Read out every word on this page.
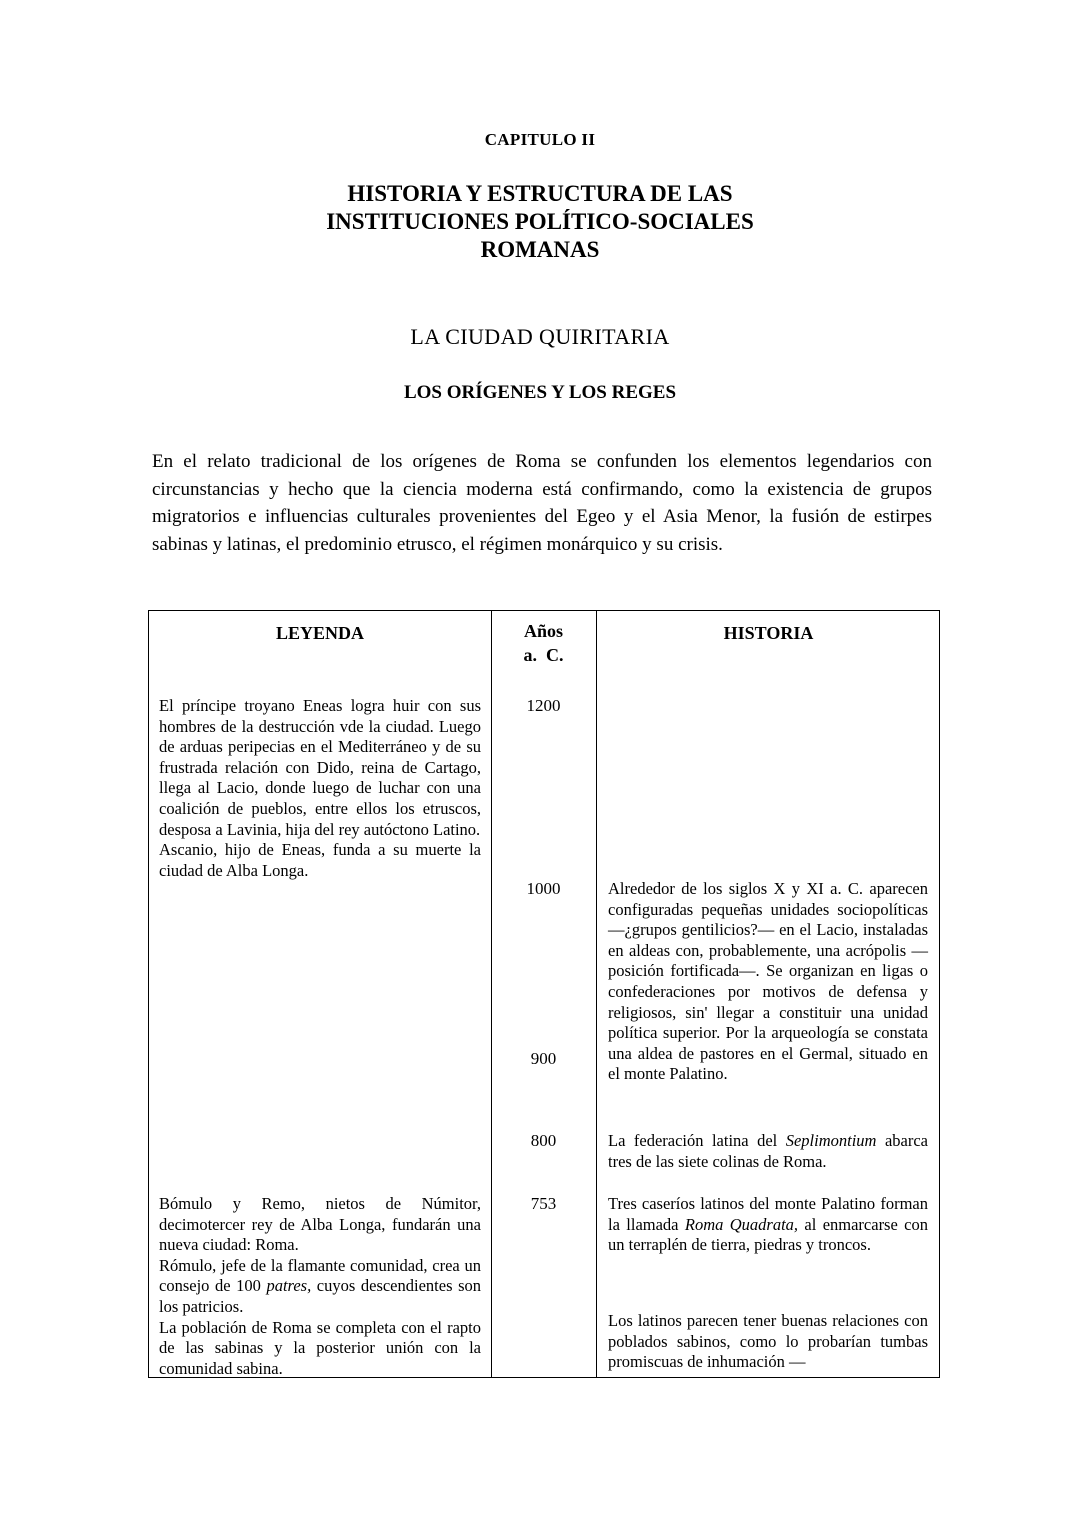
CAPITULO II
HISTORIA Y ESTRUCTURA DE LAS
INSTITUCIONES POLÍTICO-SOCIALES
ROMANAS
LA CIUDAD QUIRITARIA
LOS ORÍGENES Y LOS REGES

En el relato tradicional de los orígenes de Roma se confunden los elementos legendarios con circunstancias y hecho que la ciencia moderna está confirmando, como la existencia de grupos migratorios e influencias culturales provenientes del Egeo y el Asia Menor, la fusión de estirpes sabinas y latinas, el predominio etrusco, el régimen monárquico y su crisis.

LEYENDA	Años
a.  C.
HISTORIA

El príncipe troyano Eneas logra huir con sus hombres de la destrucción vde la ciudad. Luego de arduas peripecias en el Mediterráneo y de su frustrada relación con Dido, reina de Cartago, llega al Lacio, donde luego de luchar con una coalición de pueblos, entre ellos los etruscos, desposa a Lavinia, hija del rey autóctono Latino.

Ascanio, hijo de Eneas, funda a su muerte la ciudad de Alba Longa.

Bómulo y Remo, nietos de Númitor, decimotercer rey de Alba Longa, fundarán una nueva ciudad: Roma.

Rómulo, jefe de la flamante comunidad, crea un consejo de 100 patres, cuyos descendientes son los patricios.

La población de Roma se completa con el rapto de las sabinas y la posterior unión con la comunidad sabina.

1200
1000
900
800
753
Alrededor de los siglos X y XI a. C. aparecen configuradas pequeñas unidades sociopolíticas —¿grupos gentilicios?— en el Lacio, instaladas en aldeas con, probablemente, una acrópolis —posición fortificada—. Se organizan en ligas o confederaciones por motivos de defensa y religiosos, sin' llegar a constituir una unidad política superior. Por la arqueología se constata una aldea de pastores en el Germal, situado en el monte Palatino.
La federación latina del Seplimontium abarca tres de las siete colinas de Roma.
Tres caseríos latinos del monte Palatino forman la llamada Roma Quadrata, al enmarcarse con un terraplén de tierra, piedras y troncos.
Los latinos parecen tener buenas relaciones con poblados sabinos, como lo probarían tumbas promiscuas de inhumación —
